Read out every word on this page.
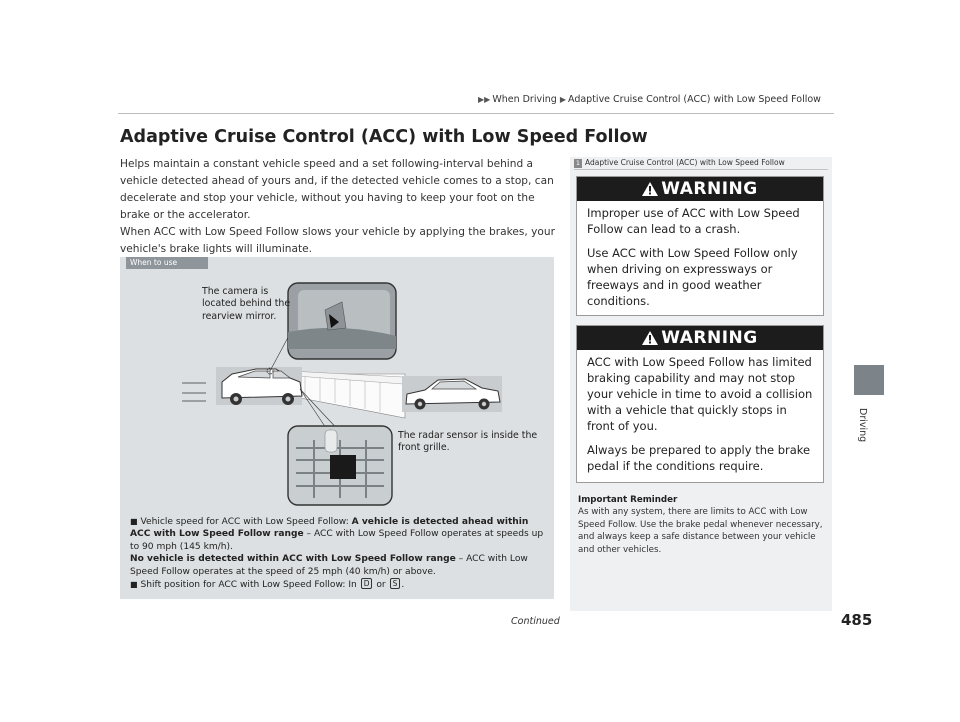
▶▶ When Driving ▶ Adaptive Cruise Control (ACC) with Low Speed Follow
Adaptive Cruise Control (ACC) with Low Speed Follow

Helps maintain a constant vehicle speed and a set following-interval behind a vehicle detected ahead of yours and, if the detected vehicle comes to a stop, can decelerate and stop your vehicle, without you having to keep your foot on the brake or the accelerator.

When ACC with Low Speed Follow slows your vehicle by applying the brakes, your vehicle's brake lights will illuminate.

When to use
The camera is located behind the rearview mirror.
The radar sensor is inside the front grille.
■ Vehicle speed for ACC with Low Speed Follow: A vehicle is detected ahead within ACC with Low Speed Follow range – ACC with Low Speed Follow operates at speeds up to 90 mph (145 km/h).
No vehicle is detected within ACC with Low Speed Follow range – ACC with Low Speed Follow operates at the speed of 25 mph (40 km/h) or above.
■ Shift position for ACC with Low Speed Follow: In D or S .
1 Adaptive Cruise Control (ACC) with Low Speed Follow
WARNING

Improper use of ACC with Low Speed Follow can lead to a crash.

Use ACC with Low Speed Follow only when driving on expressways or freeways and in good weather conditions.

WARNING

ACC with Low Speed Follow has limited braking capability and may not stop your vehicle in time to avoid a collision with a vehicle that quickly stops in front of you.

Always be prepared to apply the brake pedal if the conditions require.

Important Reminder
As with any system, there are limits to ACC with Low Speed Follow. Use the brake pedal whenever necessary, and always keep a safe distance between your vehicle and other vehicles.
Driving
Continued	485
